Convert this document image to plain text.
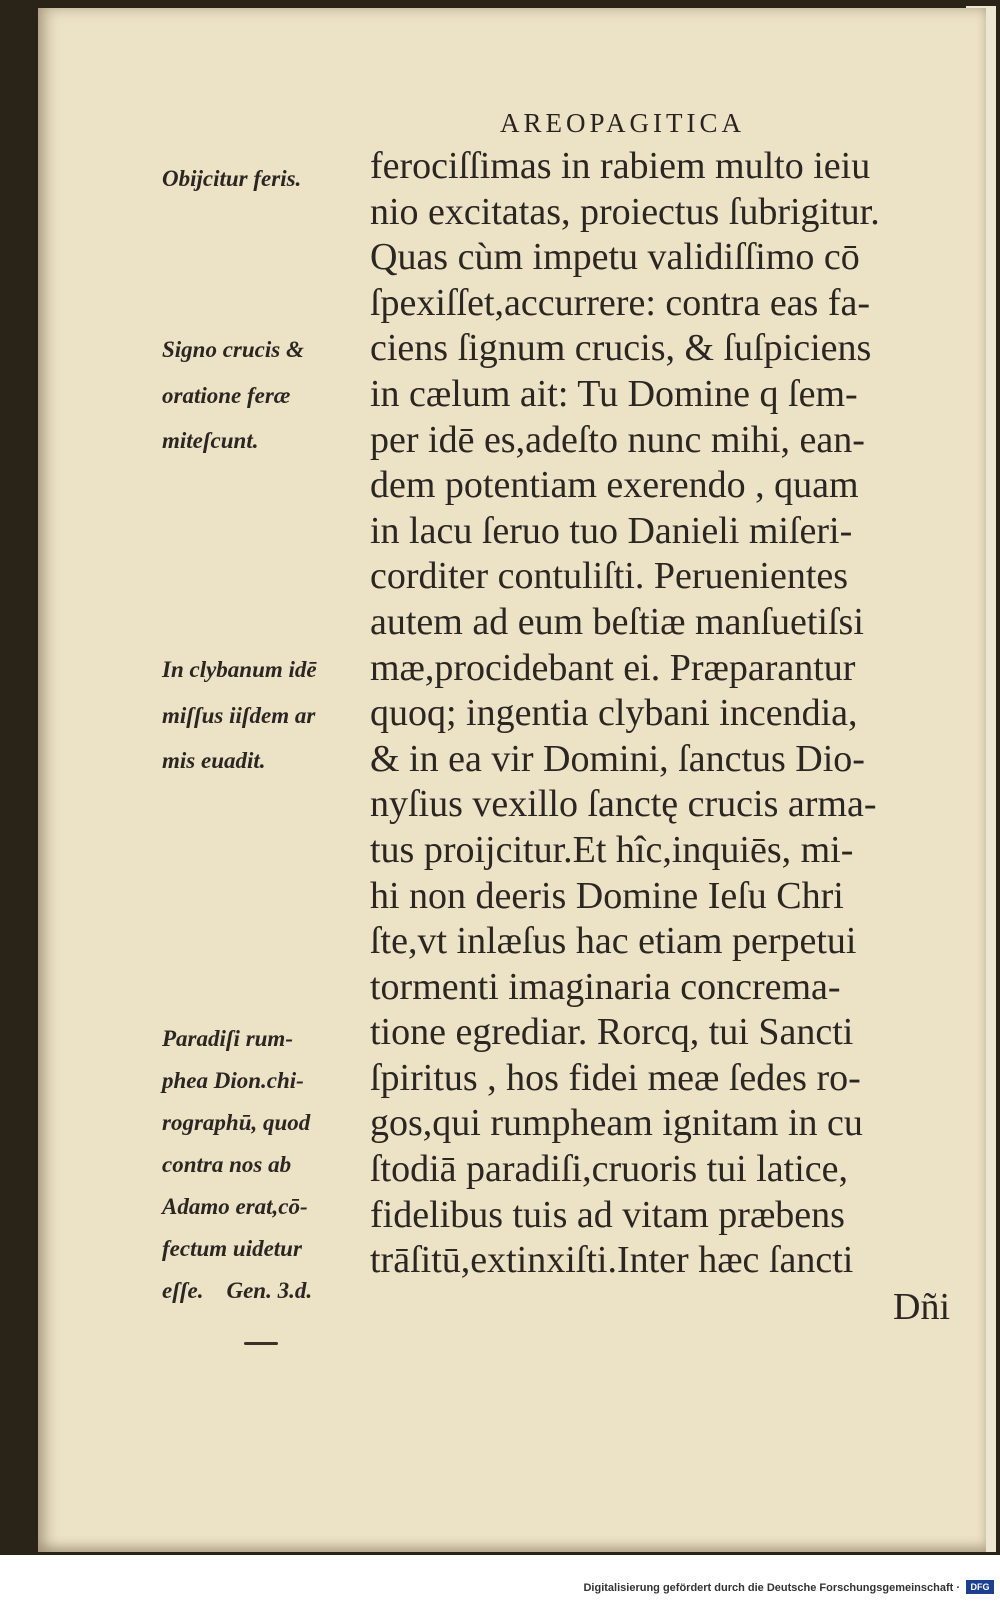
AREOPAGITICA
ferociſſimas in rabiem multo ieiu
nio excitatas, proiectus ſubrigitur.
Quas cùm impetu validiſſimo cō
ſpexiſſet,accurrere: contra eas fa-
ciens ſignum crucis, & ſuſpiciens
in cælum ait: Tu Domine q ſem-
per idē es,adeſto nunc mihi, ean-
dem potentiam exerendo , quam
in lacu ſeruo tuo Danieli miſeri-
corditer contuliſti. Peruenientes
autem ad eum beſtiæ manſuetiſsi
mæ,procidebant ei. Præparantur
quoq; ingentia clybani incendia,
& in ea vir Domini, ſanctus Dio-
nyſius vexillo ſanctę crucis arma-
tus proijcitur.Et hîc,inquiēs, mi-
hi non deeris Domine Ieſu Chri
ſte,vt inlæſus hac etiam perpetui
tormenti imaginaria concrema-
tione egrediar. Rorcq, tui Sancti
ſpiritus , hos fidei meæ ſedes ro-
gos,qui rumpheam ignitam in cu
ſtodiā paradiſi,cruoris tui latice,
fidelibus tuis ad vitam præbens
trāſitū,extinxiſti.Inter hæc ſancti
Dñi
Obijcitur feris.
Signo crucis &
oratione feræ
miteſcunt.
In clybanum idē
miſſus iiſdem ar
mis euadit.
Paradiſi rum-
phea Dion.chi-
rographū, quod
contra nos ab
Adamo erat,cō-
fectum uidetur
eſſe.    Gen. 3.d.
Digitalisierung gefördert durch die Deutsche Forschungsgemeinschaft ·	DFG
